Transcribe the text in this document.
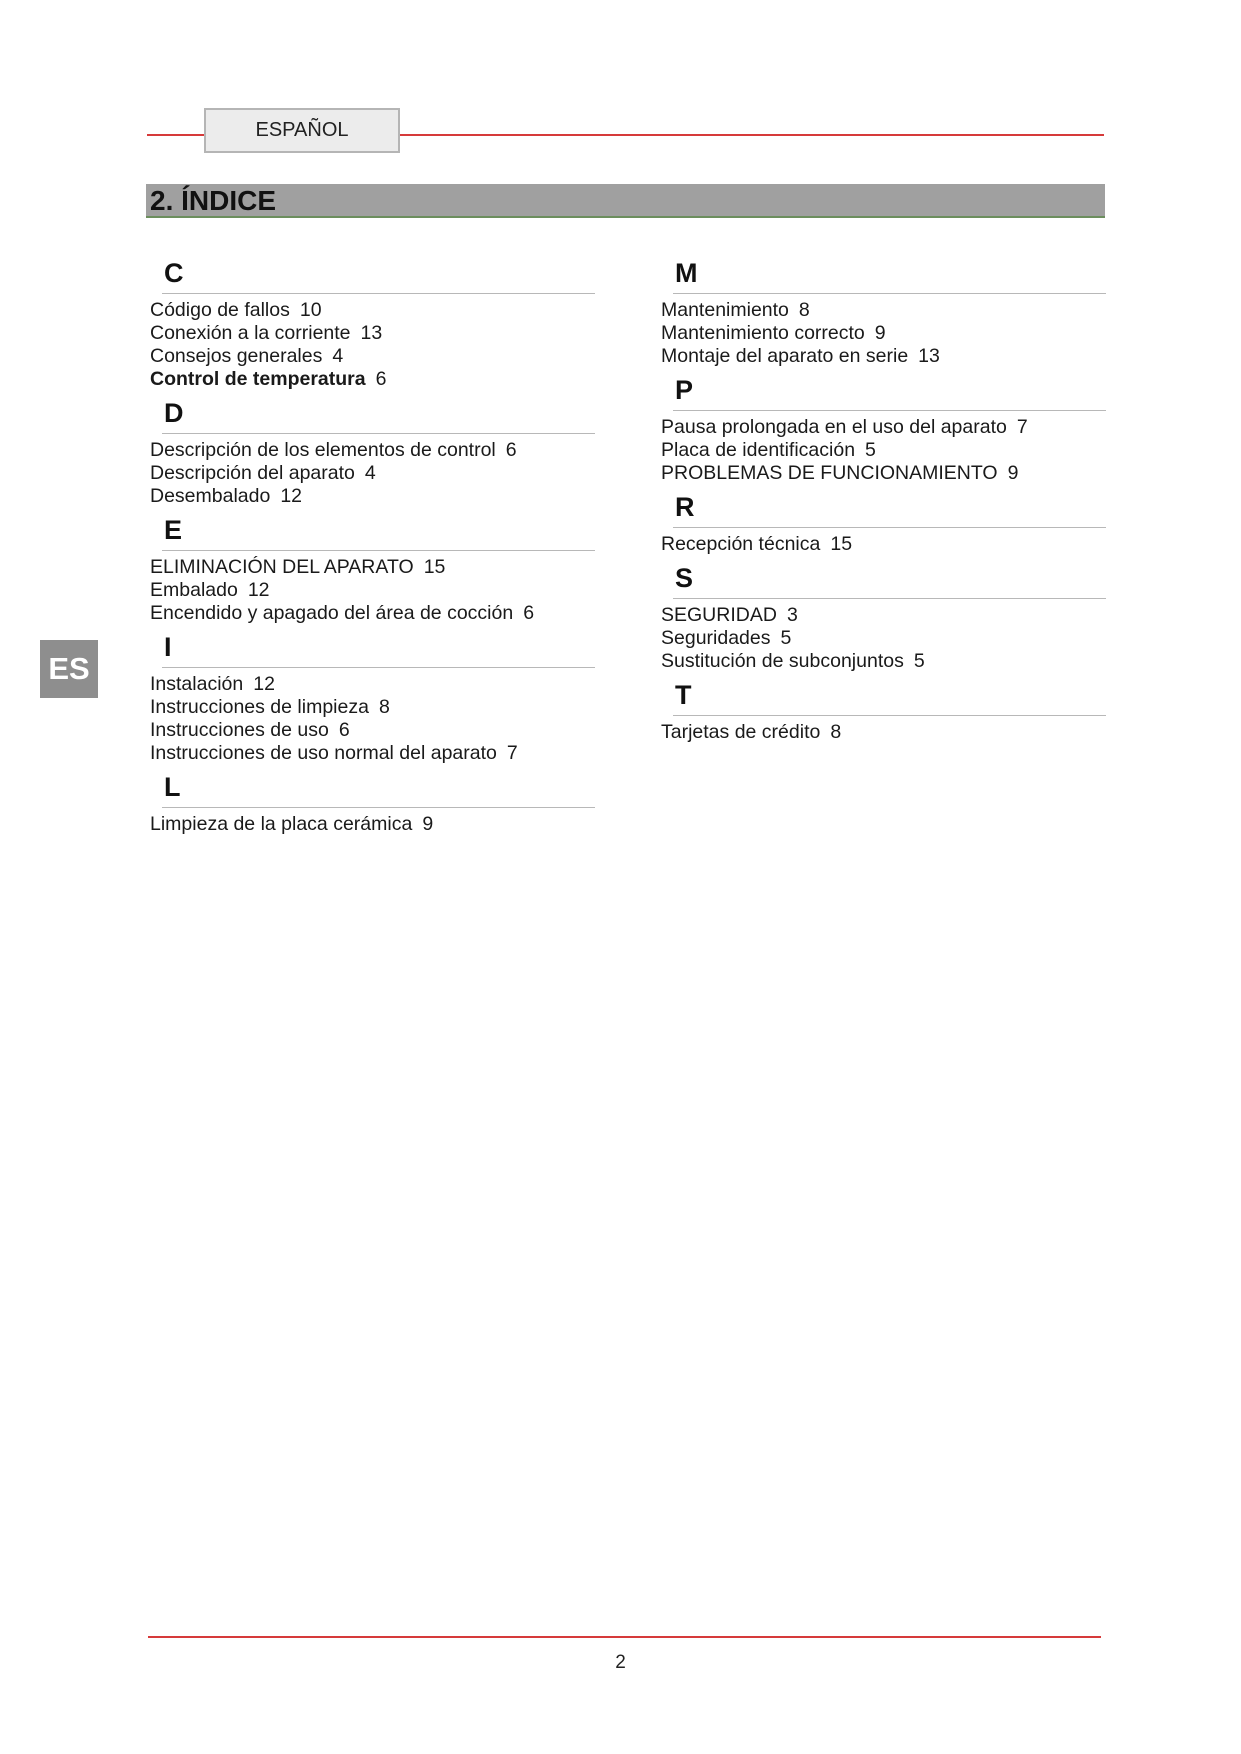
ESPAÑOL
2. ÍNDICE
ES
C
Código de fallos 10
Conexión a la corriente 13
Consejos generales 4
Control de temperatura 6
D
Descripción de los elementos de control 6
Descripción del aparato 4
Desembalado 12
E
ELIMINACIÓN DEL APARATO 15
Embalado 12
Encendido y apagado del área de cocción 6
I
Instalación 12
Instrucciones de limpieza 8
Instrucciones de uso 6
Instrucciones de uso normal del aparato 7
L
Limpieza de la placa cerámica 9
M
Mantenimiento 8
Mantenimiento correcto 9
Montaje del aparato en serie 13
P
Pausa prolongada en el uso del aparato 7
Placa de identificación 5
PROBLEMAS DE FUNCIONAMIENTO 9
R
Recepción técnica 15
S
SEGURIDAD 3
Seguridades 5
Sustitución de subconjuntos 5
T
Tarjetas de crédito 8
2
